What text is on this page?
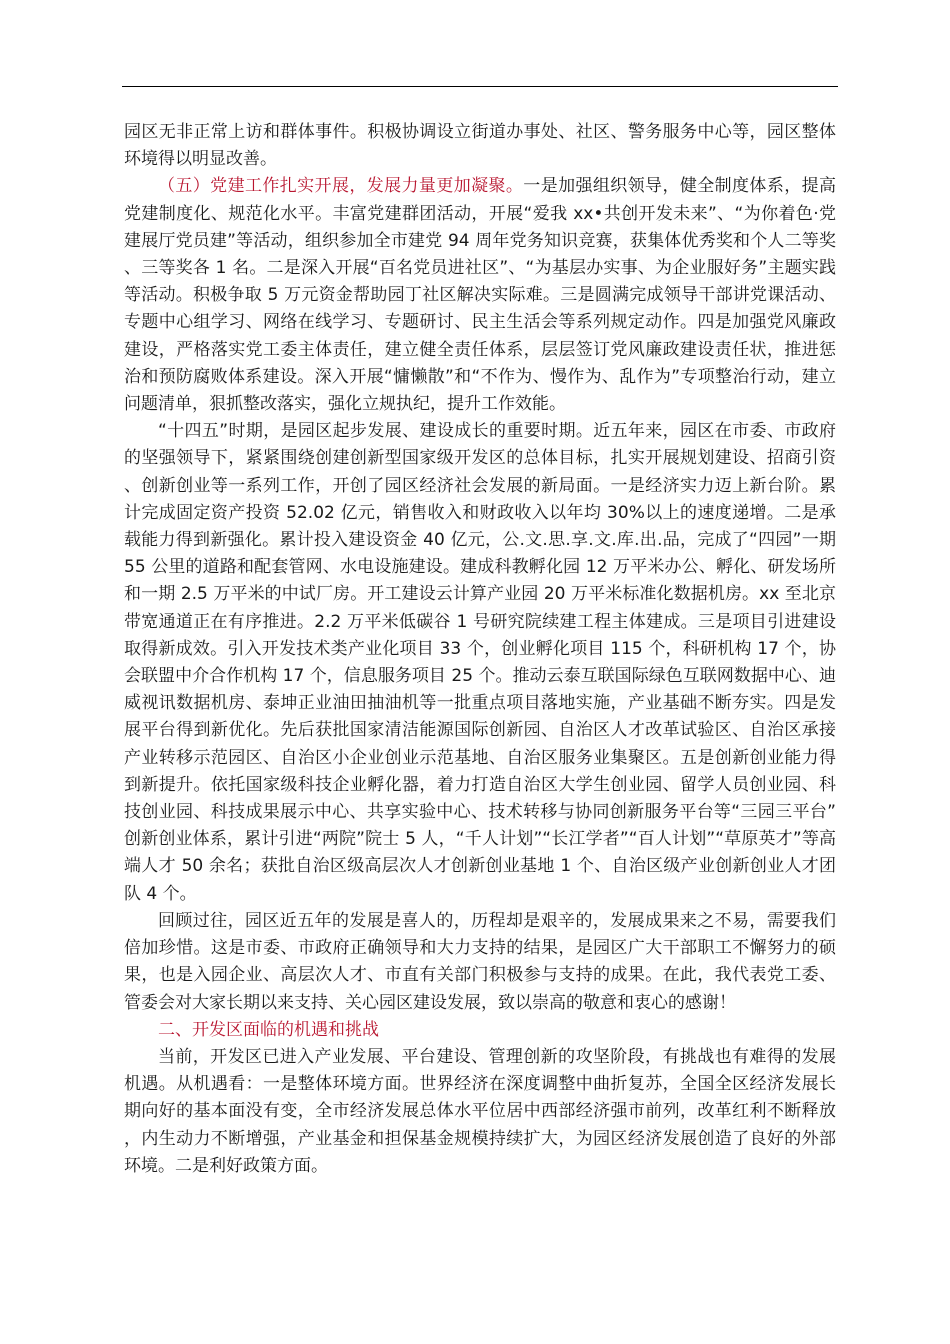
园区无非正常上访和群体事件。积极协调设立街道办事处、社区、警务服务中心等，园区整体环境得以明显改善。

（五）党建工作扎实开展，发展力量更加凝聚。一是加强组织领导，健全制度体系，提高党建制度化、规范化水平。丰富党建群团活动，开展“爱我 xx•共创开发未来”、“为你着色·党建展厅党员建”等活动，组织参加全市建党 94 周年党务知识竞赛，获集体优秀奖和个人二等奖、三等奖各 1 名。二是深入开展“百名党员进社区”、“为基层办实事、为企业服好务”主题实践等活动。积极争取 5 万元资金帮助园丁社区解决实际难。三是圆满完成领导干部讲党课活动、专题中心组学习、网络在线学习、专题研讨、民主生活会等系列规定动作。四是加强党风廉政建设，严格落实党工委主体责任，建立健全责任体系，层层签订党风廉政建设责任状，推进惩治和预防腐败体系建设。深入开展“慵懒散”和“不作为、慢作为、乱作为”专项整治行动，建立问题清单，狠抓整改落实，强化立规执纪，提升工作效能。

“十四五”时期，是园区起步发展、建设成长的重要时期。近五年来，园区在市委、市政府的坚强领导下，紧紧围绕创建创新型国家级开发区的总体目标，扎实开展规划建设、招商引资、创新创业等一系列工作，开创了园区经济社会发展的新局面。一是经济实力迈上新台阶。累计完成固定资产投资 52.02 亿元，销售收入和财政收入以年均 30%以上的速度递增。二是承载能力得到新强化。累计投入建设资金 40 亿元，公.文.思.享.文.库.出.品，完成了“四园”一期 55 公里的道路和配套管网、水电设施建设。建成科教孵化园 12 万平米办公、孵化、研发场所和一期 2.5 万平米的中试厂房。开工建设云计算产业园 20 万平米标准化数据机房。xx 至北京带宽通道正在有序推进。2.2 万平米低碳谷 1 号研究院续建工程主体建成。三是项目引进建设取得新成效。引入开发技术类产业化项目 33 个，创业孵化项目 115 个，科研机构 17 个，协会联盟中介合作机构 17 个，信息服务项目 25 个。推动云泰互联国际绿色互联网数据中心、迪威视讯数据机房、泰坤正业油田抽油机等一批重点项目落地实施，产业基础不断夯实。四是发展平台得到新优化。先后获批国家清洁能源国际创新园、自治区人才改革试验区、自治区承接产业转移示范园区、自治区小企业创业示范基地、自治区服务业集聚区。五是创新创业能力得到新提升。依托国家级科技企业孵化器，着力打造自治区大学生创业园、留学人员创业园、科技创业园、科技成果展示中心、共享实验中心、技术转移与协同创新服务平台等“三园三平台”创新创业体系，累计引进“两院”院士 5 人，“千人计划”“长江学者”“百人计划”“草原英才”等高端人才 50 余名；获批自治区级高层次人才创新创业基地 1 个、自治区级产业创新创业人才团队 4 个。

回顾过往，园区近五年的发展是喜人的，历程却是艰辛的，发展成果来之不易，需要我们倍加珍惜。这是市委、市政府正确领导和大力支持的结果，是园区广大干部职工不懈努力的硕果，也是入园企业、高层次人才、市直有关部门积极参与支持的成果。在此，我代表党工委、管委会对大家长期以来支持、关心园区建设发展，致以崇高的敬意和衷心的感谢！

二、开发区面临的机遇和挑战

当前，开发区已进入产业发展、平台建设、管理创新的攻坚阶段，有挑战也有难得的发展机遇。从机遇看：一是整体环境方面。世界经济在深度调整中曲折复苏，全国全区经济发展长期向好的基本面没有变，全市经济发展总体水平位居中西部经济强市前列，改革红利不断释放，内生动力不断增强，产业基金和担保基金规模持续扩大，为园区经济发展创造了良好的外部环境。二是利好政策方面。
